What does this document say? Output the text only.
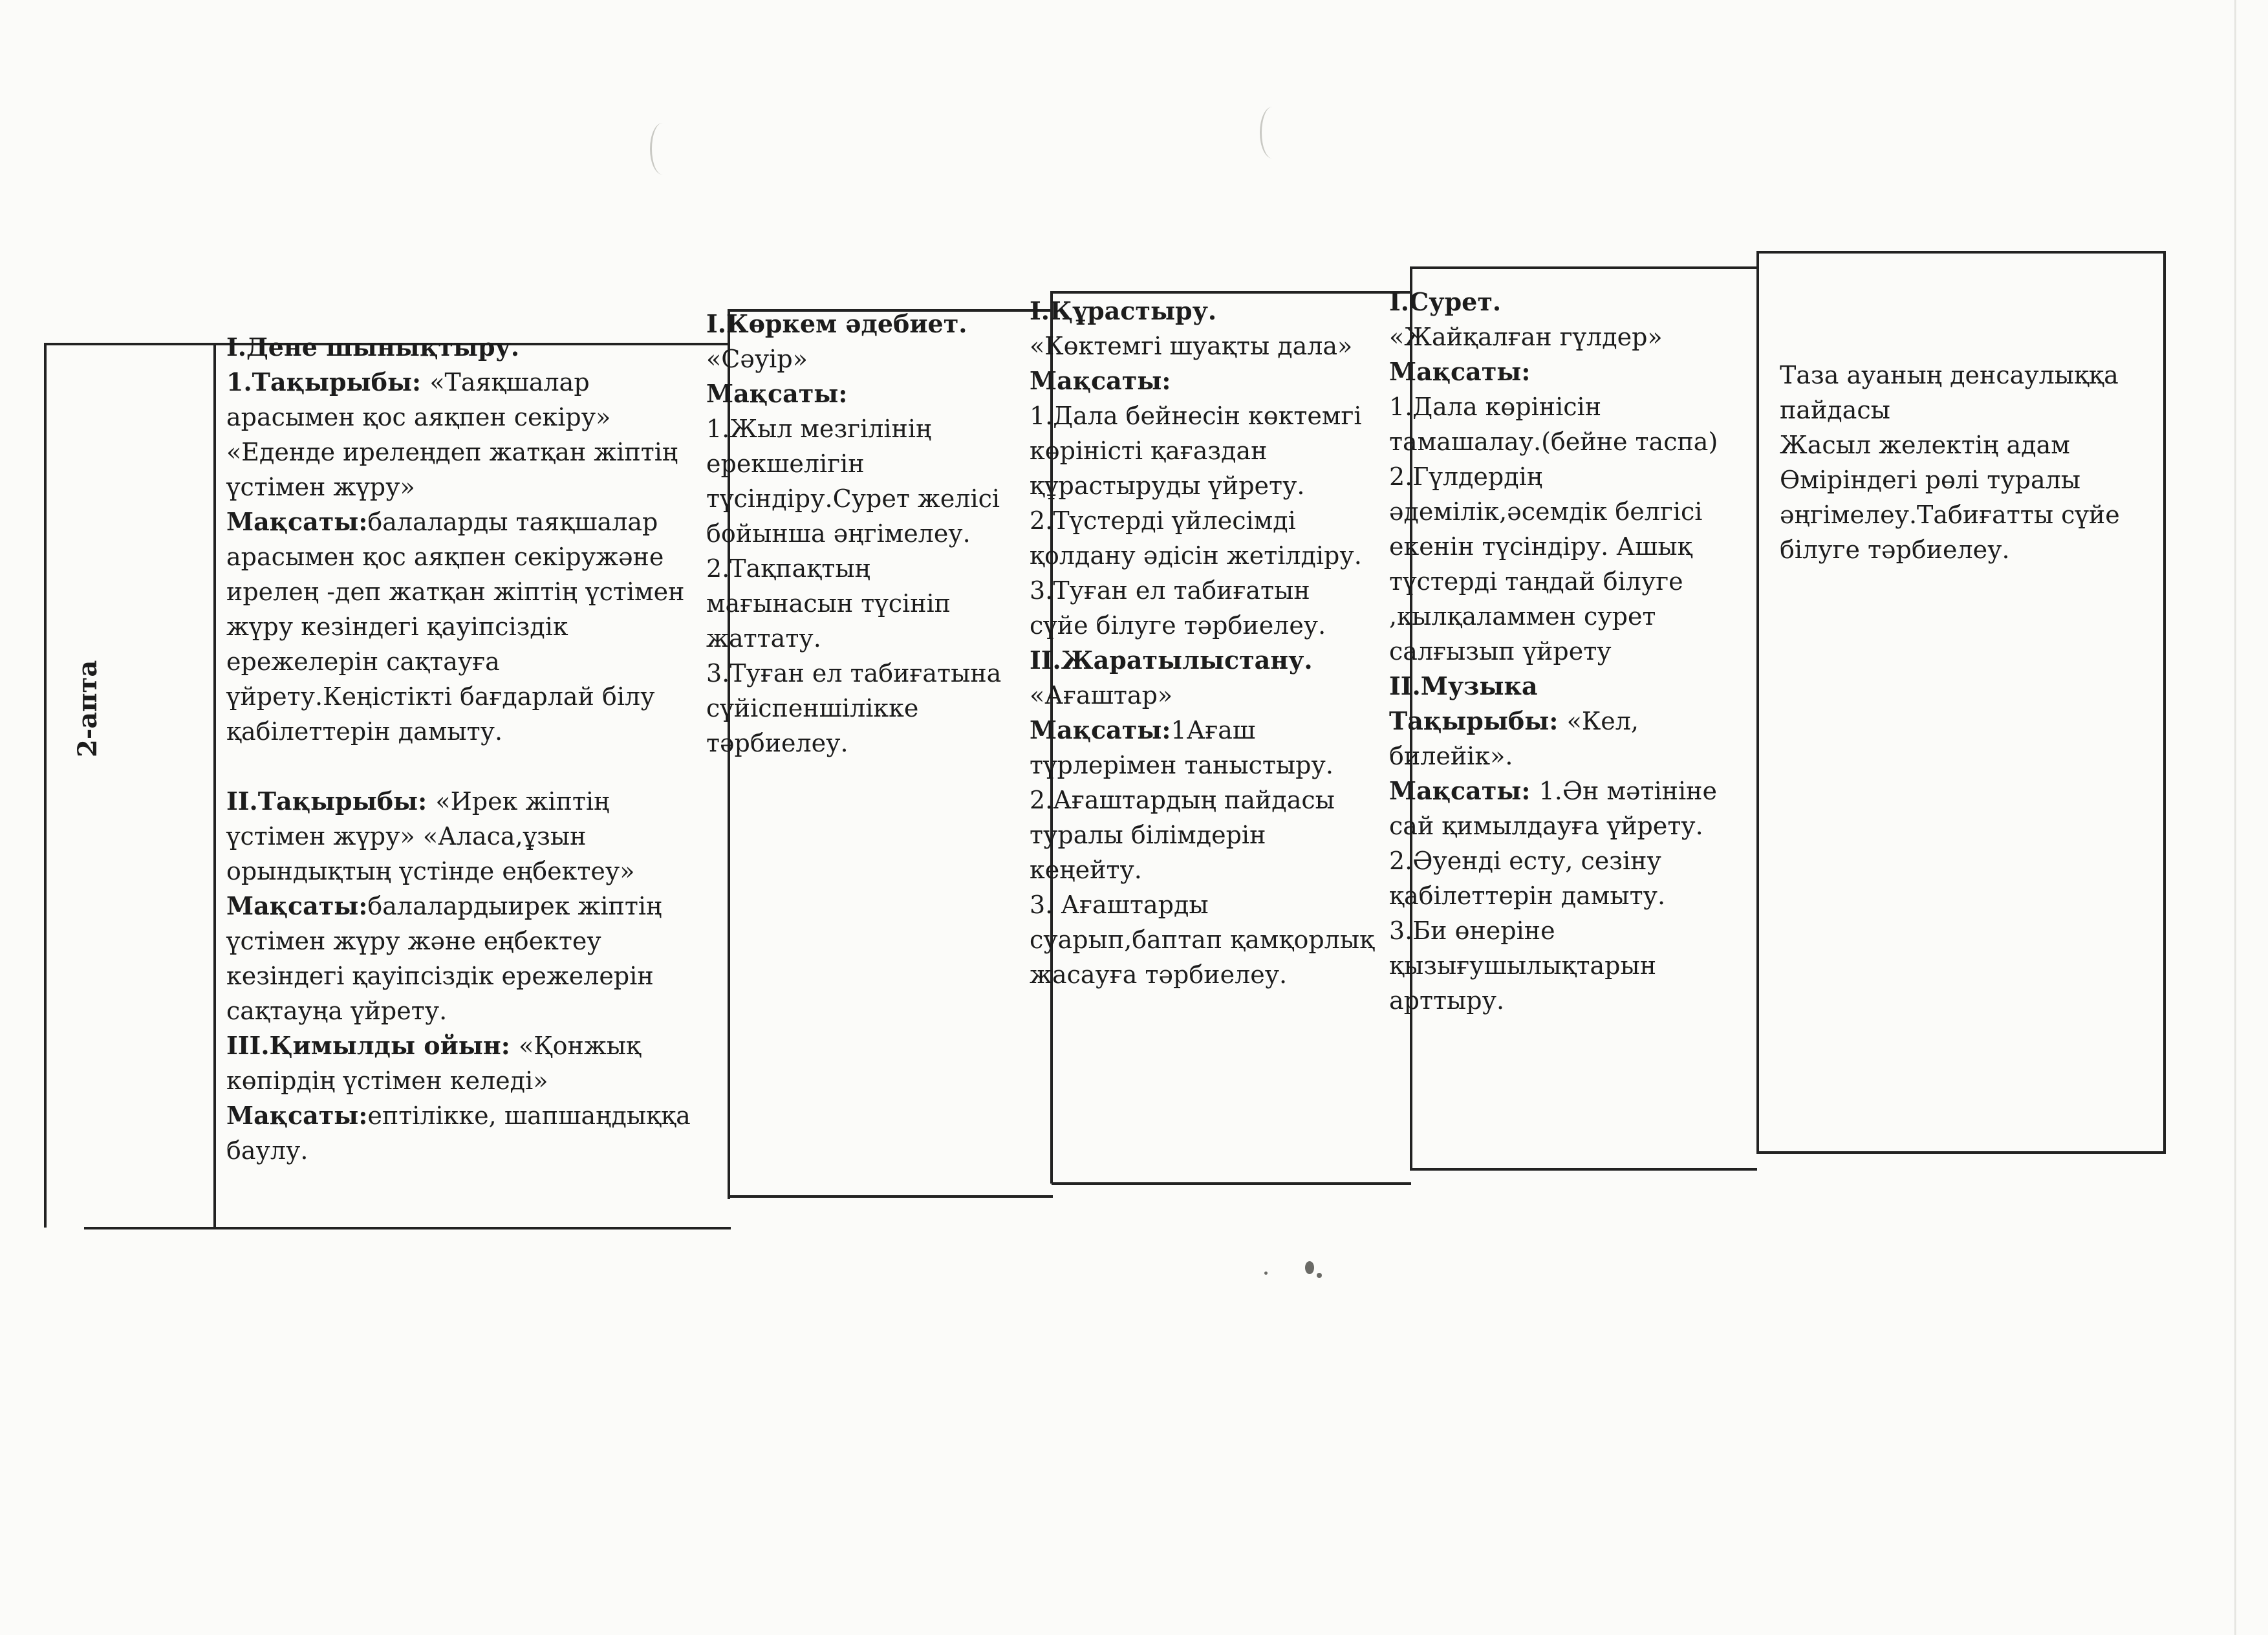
2-апта
І.Дене шынықтыру.
1.Тақырыбы: «Таяқшалар
арасымен қос аяқпен секіру»
«Еденде ирелеңдеп жатқан жіптің
үстімен жүру»
Мақсаты:балаларды таяқшалар
арасымен қос аяқпен секіружәне
ирелең -деп жатқан жіптің үстімен
жүру кезіндегі қауіпсіздік
ережелерін сақтауға
үйрету.Кеңістікті бағдарлай білу
қабілеттерін дамыту.

ІІ.Тақырыбы: «Ирек жіптің
үстімен жүру» «Аласа,ұзын
орындықтың үстінде еңбектеу»
Мақсаты:балалардыирек жіптің
үстімен жүру және еңбектеу
кезіндегі қауіпсіздік ережелерін
сақтауңа үйрету.
ІІІ.Қимылды ойын: «Қонжық
көпірдің үстімен келеді»
Мақсаты:ептілікке, шапшаңдыққа
баулу.
І.Көркем әдебиет.
«Сәуір»
Мақсаты:
1.Жыл мезгілінің
ерекшелігін
түсіндіру.Сурет желісі
бойынша әңгімелеу.
2.Тақпақтың
мағынасын түсініп
жаттату.
3.Туған ел табиғатына
сүйіспеншілікке
тәрбиелеу.
І.Құрастыру.
«Көктемгі шуақты дала»
Мақсаты:
1.Дала бейнесін көктемгі
көріністі қағаздан
құрастыруды үйрету.
2.Түстерді үйлесімді
қолдану әдісін жетілдіру.
3.Туған ел табиғатын
сүйе білуге тәрбиелеу.
ІІ.Жаратылыстану.
«Ағаштар»
Мақсаты:1Ағаш
түрлерімен таныстыру.
2.Ағаштардың пайдасы
туралы білімдерін
кеңейту.
3. Ағаштарды
суарып,баптап қамқорлық
жасауға тәрбиелеу.
І.Сурет.
«Жайқалған гүлдер»
Мақсаты:
1.Дала көрінісін
тамашалау.(бейне таспа)
2.Гүлдердің
әдемілік,әсемдік белгісі
екенін түсіндіру. Ашық
түстерді таңдай білуге
,қылқаламмен сурет
салғызып үйрету
ІІ.Музыка
Тақырыбы: «Кел,
билейік».
Мақсаты: 1.Ән мәтініне
сай қимылдауға үйрету.
2.Әуенді есту, сезіну
қабілеттерін дамыту.
3.Би өнеріне
қызығушылықтарын
арттыру.
Таза ауаның денсаулыққа
пайдасы
Жасыл желектің адам
Өміріндегі рөлі туралы
әңгімелеу.Табиғатты сүйе
білуге тәрбиелеу.
